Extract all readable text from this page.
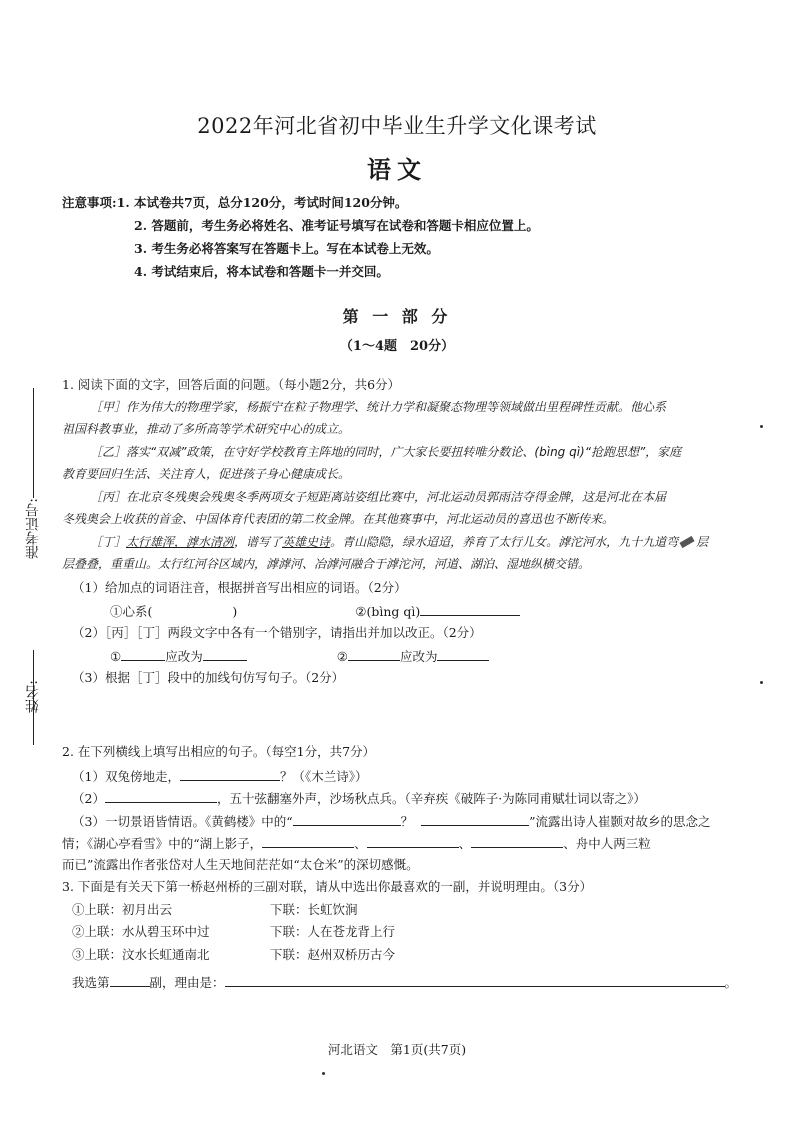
2022年河北省初中毕业生升学文化课考试
语文
注意事项:1. 本试卷共7页，总分120分，考试时间120分钟。
2. 答题前，考生务必将姓名、准考证号填写在试卷和答题卡相应位置上。
3. 考生务必将答案写在答题卡上。写在本试卷上无效。
4. 考试结束后，将本试卷和答题卡一并交回。
第 一 部 分
（1～4题　20分）
准考证号:
姓名:
1. 阅读下面的文字，回答后面的问题。（每小题2分，共6分）
［甲］作为伟大的物理学家，杨振宁在粒子物理学、统计力学和凝聚态物理等领域做出里程碑性贡献。他心系
祖国科教事业，推动了多所高等学术研究中心的成立。
［乙］落实“双减”政策，在守好学校教育主阵地的同时，广大家长要扭转唯分数论、(bìng qì)“抢跑思想”，家庭
教育要回归生活、关注育人，促进孩子身心健康成长。
［丙］在北京冬残奥会残奥冬季两项女子短距离站姿组比赛中，河北运动员郭雨洁夺得金牌，这是河北在本届
冬残奥会上收获的首金、中国体育代表团的第二枚金牌。在其他赛事中，河北运动员的喜迅也不断传来。
［丁］太行雄浑，滹水清冽，谱写了英雄史诗。青山隐隐，绿水迢迢，养育了太行儿女。滹沱河水，九十九道弯 层
层叠叠，重重山。太行红河谷区域内，滹滹河、冶滹河融合于滹沱河，河道、湖泊、湿地纵横交错。
（1）给加点的词语注音，根据拼音写出相应的词语。（2分）
①心系(	)	②(bìng qì)
（2）［丙］［丁］两段文字中各有一个错别字，请指出并加以改正。（2分）
①	应改为	②	应改为
（3）根据［丁］段中的加线句仿写句子。（2分）
2. 在下列横线上填写出相应的句子。（每空1分，共7分）
（1）双兔傍地走，	？（《木兰诗》）
（2）	，五十弦翻塞外声，沙场秋点兵。（辛弃疾《破阵子·为陈同甫赋壮词以寄之》）
（3）一切景语皆情语。《黄鹤楼》中的“	？	”流露出诗人崔颢对故乡的思念之
情；《湖心亭看雪》中的“湖上影子，	、	、	、舟中人两三粒
而已”流露出作者张岱对人生天地间茫茫如“太仓米”的深切感慨。
3. 下面是有关天下第一桥赵州桥的三副对联，请从中选出你最喜欢的一副，并说明理由。（3分）
①上联：初月出云	下联：长虹饮涧
②上联：水从碧玉环中过	下联：人在苍龙背上行
③上联：汶水长虹通南北	下联：赵州双桥历古今
我选第	副，理由是：	。
河北语文　第1页(共7页)
